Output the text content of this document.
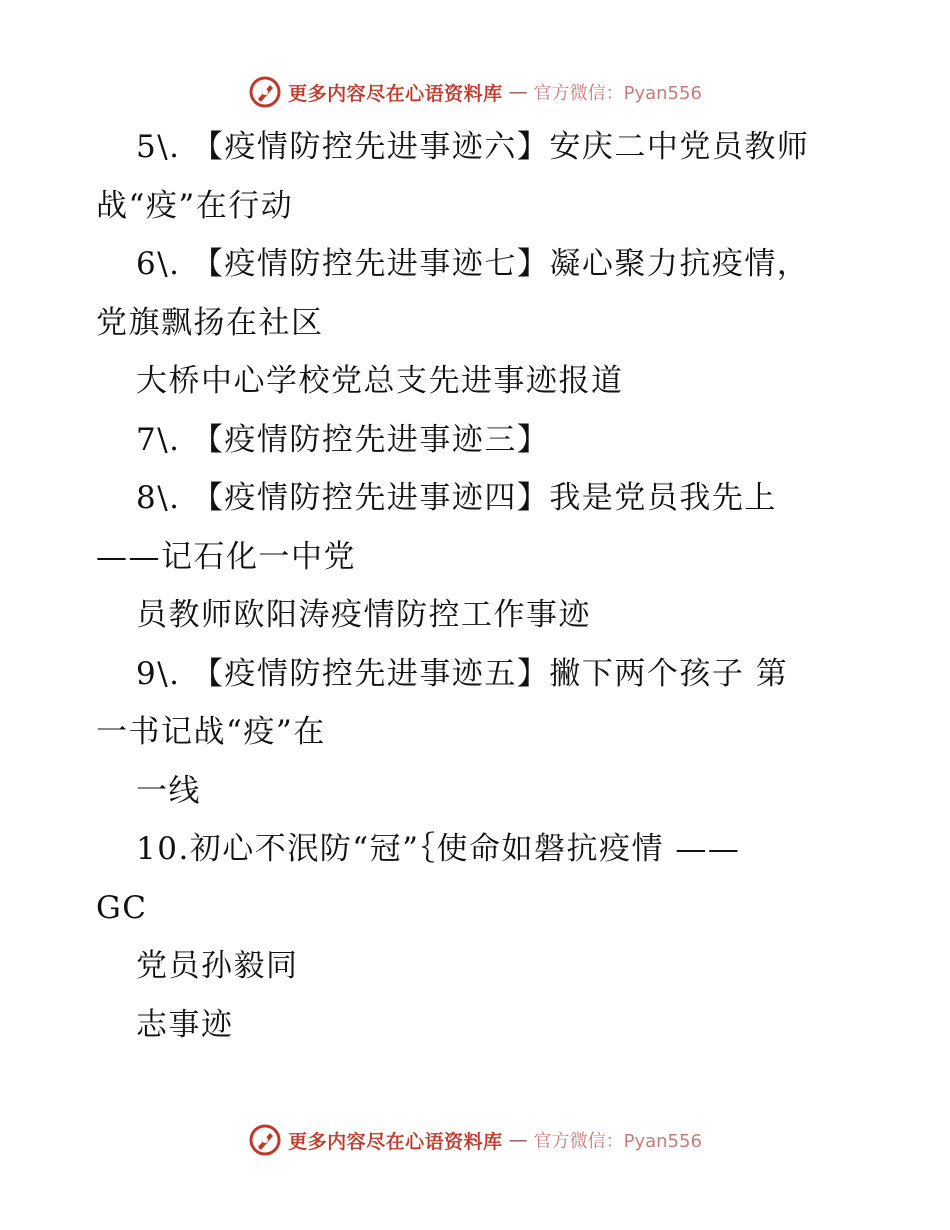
更多内容尽在心语资料库 — 官方微信：Pyan556
5\. 【疫情防控先进事迹六】安庆二中党员教师
战“疫”在行动
6\. 【疫情防控先进事迹七】凝心聚力抗疫情，
党旗飘扬在社区
大桥中心学校党总支先进事迹报道
7\. 【疫情防控先进事迹三】
8\. 【疫情防控先进事迹四】我是党员我先上
——记石化一中党
员教师欧阳涛疫情防控工作事迹
9\. 【疫情防控先进事迹五】撇下两个孩子 第
一书记战“疫”在
一线
10.初心不泯防“冠”｛使命如磐抗疫情 ——
GC
党员孙毅同
志事迹
更多内容尽在心语资料库 — 官方微信：Pyan556
